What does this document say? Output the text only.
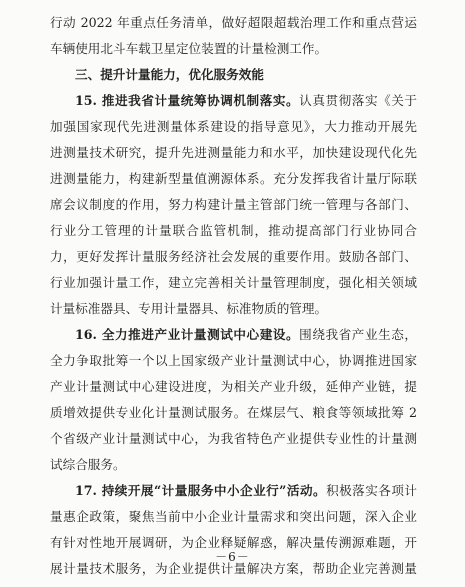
行动 2022 年重点任务清单，做好超限超载治理工作和重点营运
车辆使用北斗车载卫星定位装置的计量检测工作。
三、提升计量能力，优化服务效能
15. 推进我省计量统筹协调机制落实。认真贯彻落实《关于
加强国家现代先进测量体系建设的指导意见》，大力推动开展先
进测量技术研究，提升先进测量能力和水平，加快建设现代化先
进测量能力，构建新型量值溯源体系。充分发挥我省计量厅际联
席会议制度的作用，努力构建计量主管部门统一管理与各部门、
行业分工管理的计量联合监管机制，推动提高部门行业协同合
力，更好发挥计量服务经济社会发展的重要作用。鼓励各部门、
行业加强计量工作，建立完善相关计量管理制度，强化相关领域
计量标准器具、专用计量器具、标准物质的管理。
16. 全力推进产业计量测试中心建设。围绕我省产业生态，
全力争取批筹一个以上国家级产业计量测试中心，协调推进国家
产业计量测试中心建设进度，为相关产业升级，延伸产业链，提
质增效提供专业化计量测试服务。在煤层气、粮食等领域批筹 2
个省级产业计量测试中心，为我省特色产业提供专业性的计量测
试综合服务。
17. 持续开展“计量服务中小企业行”活动。积极落实各项计
量惠企政策，聚焦当前中小企业计量需求和突出问题，深入企业
有针对性地开展调研，为企业释疑解惑，解决量传溯源难题，开
展计量技术服务，为企业提供计量解决方案，帮助企业完善测量
－6－
